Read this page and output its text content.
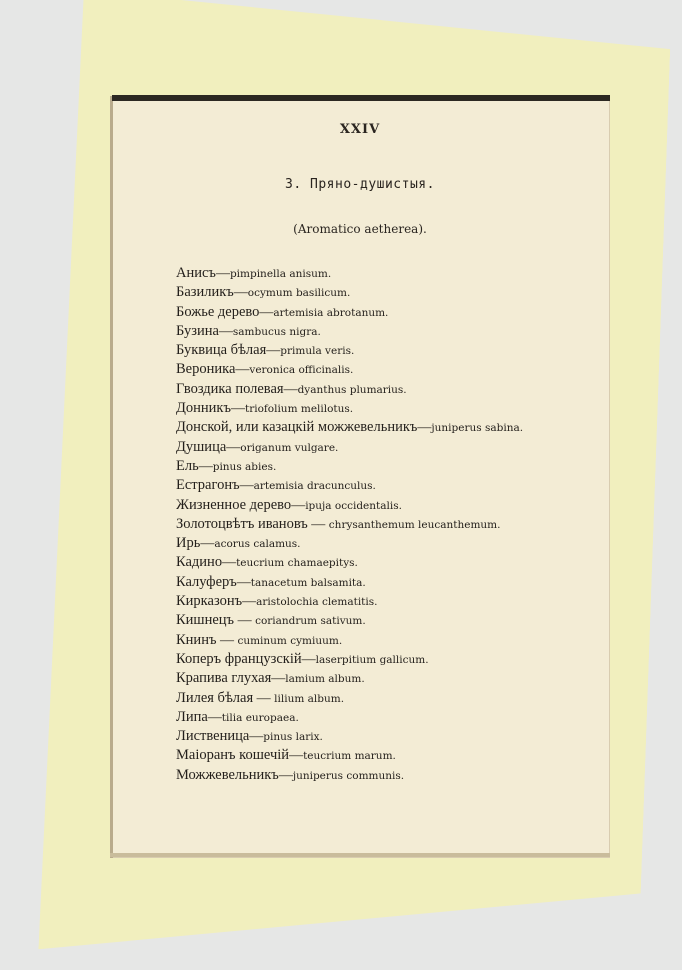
XXIV
3. Пряно-душистыя.
(Aromatico aetherea).
Анисъ—pimpinella anisum.
Базиликъ—ocymum basilicum.
Божье дерево—artemisia abrotanum.
Бузина—sambucus nigra.
Буквица бѣлая—primula veris.
Вероника—veronica officinalis.
Гвоздика полевая—dyanthus plumarius.
Донникъ—triofolium melilotus.
Донской, или казацкій можжевельникъ—juniperus sabina.
Душица—origanum vulgare.
Ель—pinus abies.
Естрагонъ—artemisia dracunculus.
Жизненное дерево—ipuja occidentalis.
Золотоцвѣтъ ивановъ — chrysanthemum leucanthemum.
Ирь—acorus calamus.
Кадино—teucrium chamaepitys.
Калуферъ—tanacetum balsamita.
Кирказонъ—aristolochia clematitis.
Кишнецъ — coriandrum sativum.
Книнъ — cuminum cymiuum.
Коперъ французскій—laserpitium gallicum.
Крапива глухая—lamium album.
Лилея бѣлая — lilium album.
Липа—tilia europaea.
Лиственица—pinus larix.
Маіоранъ кошечій—teucrium marum.
Можжевельникъ—juniperus communis.
